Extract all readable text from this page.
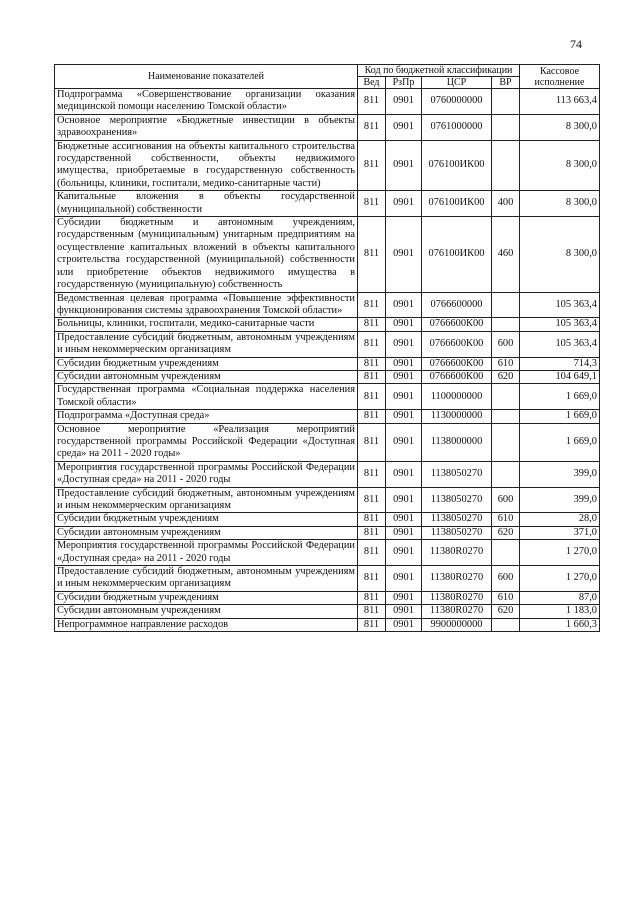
74
Наименование показателей	Код по бюджетной классификации				Кассовое исполнение
	Вед	РзПр	ЦСР	ВР	
Подпрограмма «Совершенствование организации оказания медицинской помощи населению Томской области»	811	0901	0760000000		113 663,4
Основное мероприятие «Бюджетные инвестиции в объекты здравоохранения»	811	0901	0761000000		8 300,0
Бюджетные ассигнования на объекты капитального строительства государственной собственности, объекты недвижимого имущества, приобретаемые в государственную собственность (больницы, клиники, госпитали, медико-санитарные части)	811	0901	076100ИК00		8 300,0
Капитальные вложения в объекты государственной (муниципальной) собственности	811	0901	076100ИК00	400	8 300,0
Субсидии бюджетным и автономным учреждениям, государственным (муниципальным) унитарным предприятиям на осуществление капитальных вложений в объекты капитального строительства государственной (муниципальной) собственности или приобретение объектов недвижимого имущества в государственную (муниципальную) собственность	811	0901	076100ИК00	460	8 300,0
Ведомственная целевая программа «Повышение эффективности функционирования системы здравоохранения Томской области»	811	0901	0766600000		105 363,4
Больницы, клиники, госпитали, медико-санитарные части	811	0901	0766600К00		105 363,4
Предоставление субсидий бюджетным, автономным учреждениям и иным некоммерческим организациям	811	0901	0766600К00	600	105 363,4
Субсидии бюджетным учреждениям	811	0901	0766600К00	610	714,3
Субсидии автономным учреждениям	811	0901	0766600К00	620	104 649,1
Государственная программа «Социальная поддержка населения Томской области»	811	0901	1100000000		1 669,0
Подпрограмма «Доступная среда»	811	0901	1130000000		1 669,0
Основное мероприятие «Реализация мероприятий государственной программы Российской Федерации «Доступная среда» на 2011 - 2020 годы»	811	0901	1138000000		1 669,0
Мероприятия государственной программы Российской Федерации «Доступная среда» на 2011 - 2020 годы	811	0901	1138050270		399,0
Предоставление субсидий бюджетным, автономным учреждениям и иным некоммерческим организациям	811	0901	1138050270	600	399,0
Субсидии бюджетным учреждениям	811	0901	1138050270	610	28,0
Субсидии автономным учреждениям	811	0901	1138050270	620	371,0
Мероприятия государственной программы Российской Федерации «Доступная среда» на 2011 - 2020 годы	811	0901	11380R0270		1 270,0
Предоставление субсидий бюджетным, автономным учреждениям и иным некоммерческим организациям	811	0901	11380R0270	600	1 270,0
Субсидии бюджетным учреждениям	811	0901	11380R0270	610	87,0
Субсидии автономным учреждениям	811	0901	11380R0270	620	1 183,0
Непрограммное направление расходов	811	0901	9900000000		1 660,3
